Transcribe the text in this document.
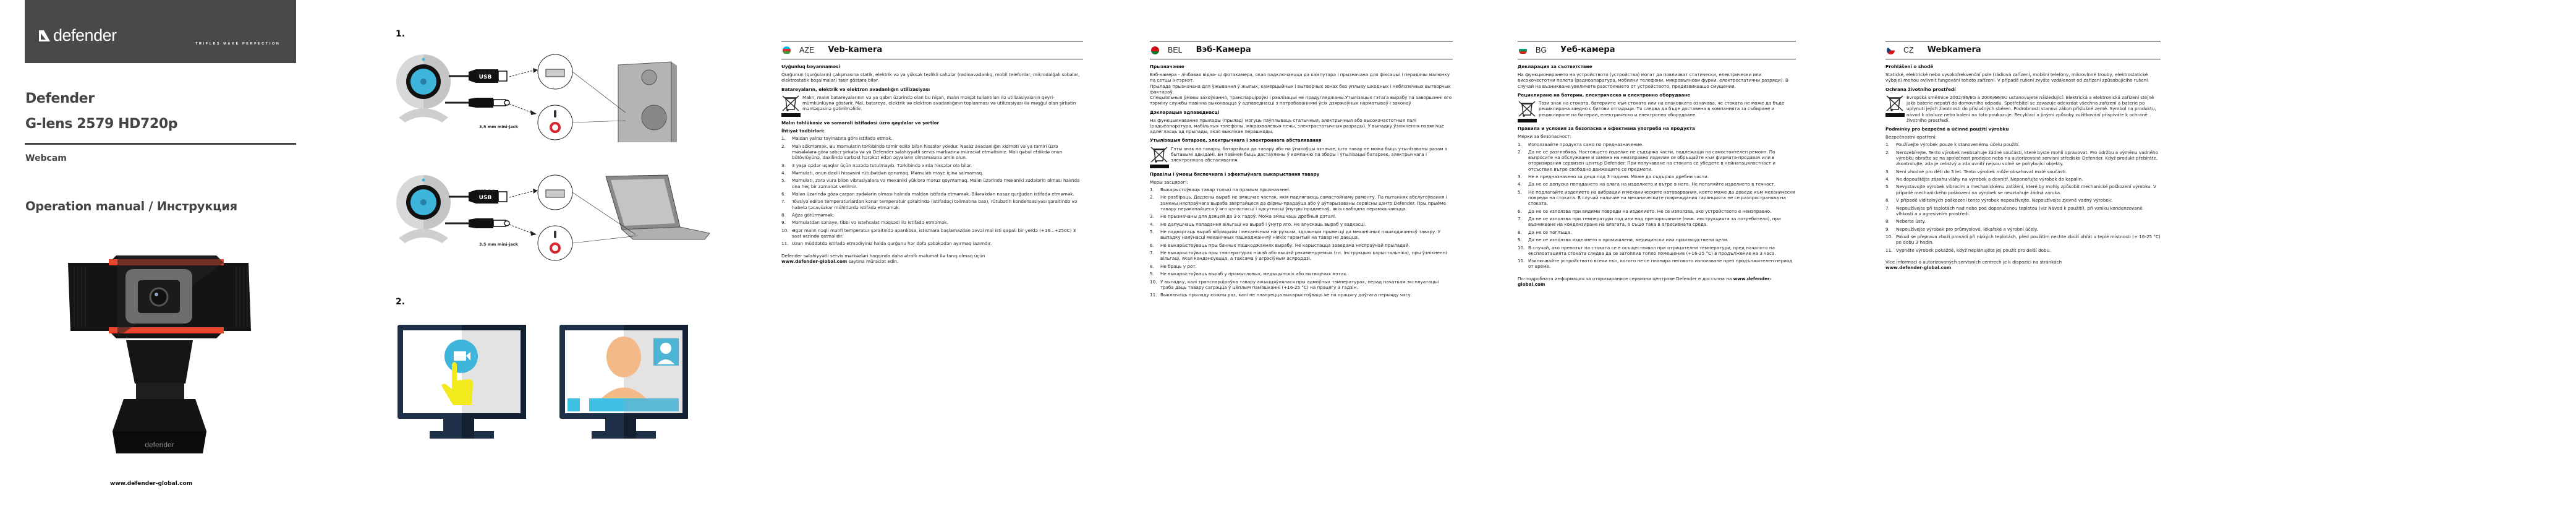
defender	TRIFLES MAKE PERFECTION
Defender
G-lens 2579 HD720p
Webcam
Operation manual / Инструкция
defender
www.defender-global.com
1.
USB
USB 2.0
3.5 mm mini-jack
USB
USB 2.0
3.5 mm mini-jack
2.
AZE Veb-kamera
Uyğunluq bəyannaməsi

Qurğunun (qurğuların) çalışmasına statik, elektrik və ya yüksək tezlikli sahələr (radioavadanlıq, mobil telefonlar, mikrodalğalı sobalar, elektrostatik boşalmalar) təsir göstərə bilər.

Batareyaların, elektrik və elektron avadanlığın utilizasiyası
Malın, malın batareyalarının və ya qabın üzərində olan bu nişan, malın məişət tullantıları ilə utilizasiyasının qeyri-mümkünlüynə göstərir. Mal, batareya, elektrik və elektron avadanlığının toplanması və utilizasiyası ilə məşğul olan şirkətin məntəqəsinə gətirilməlidir.
Malın təhlükəsiz və səmərəli istifadəsi üzrə qaydalar və şərtlər

İhtiyat tədbirləri:

1.	Maldan yalnız təyinatına görə istifadə etmək.
2.	Malı sökməmək. Bu məmulatın tərkibində təmir edilə bilən hissələr yoxdur. Nasaz avadanlığın xidməti və ya təmiri üzrə məsələlərə görə satıcı-şirkətə və ya Defender səlahiyyətli servis mərkəzinə müraciət etməlisiniz. Malı qəbul etdikdə onun bütövlüyünə, daxilində sərbəst hərəkət edən əşyaların olmamasına əmin olun.
3.	3 yaşa qədər uşaqlar üçün nəzədə tutulmayıb. Tərkibində xırda hissələr ola bilər.
4.	Məmulatı, onun daxili hissəsini rütubətdən qorumaq. Məmulatı maye içinə salmamaq.
5.	Məmulatı, zərə vura bilən vibrasiyalara və mexaniki yüklərə məruz qoymamaq. Malın üzərində mexaniki zədələrin olması halında ona heç bir zəmanət verilmir.
6.	Malən üzərində gözə çarpan zədələrin olması halında maldan istifadə etməmək. Bilərəkdən nasaz qurğudan istifadə etməmək.
7.	Tövsiyə edilən temperaturlardan kənar temperatuir şəraitində (istifadəçi təlimatına bax), rütubətin kondensasiyası şəraitində və habelə təcavüzkar mühitlərdə istifadə etməmək.
8.	Ağza götürməmək.
9.	Məmulatdan sənaye, tibbi və istehsalat məqsədi ilə istifadə etməmək.
10. Əgər malın nəqli mənfi temperatur şəraitində aparılıbsa, istismara başlamazdan əvvəl mal isti qapalı bir yerdə (+16...+250C) 3 saat ərzində qızmalıdır.
11. Uzun müddətdə istifadə etmədiyiniz halda qurğunu hər dəfə şəbəkədən ayırmaq lazımdır.

Defender səlahiyyətli servis mərkəzləri haqqında daha ətraflı məlumat ilə tanış olmaq üçün
www.defender-global.com saytına müraciət edin.

BEL Вэб-Камера
Прызначэнне

Вэб-камера - лічбавая відэа- ці фотакамера, якая падключаецца да кампутара і прызначана для фіксацыі і перадачы малюнку па сетцы Інтэрнэт.

Прылада прызначана для ўжывання ў жылых, камерцыйных і вытворчых зонах без уплыву шкодных і небяспечных вытворчых фактараў.

Спецыяльныя ўмовы захоўвання, транспарціроўкі і рэалізацыі не прадугледжаны.Утылізацыя гэтага вырабу па завяршэнні яго тэрміну службы павінна выконвацца ў адпаведнасці з патрабаваннямі ўсіх дзяржаўных нарматываў і законаў

Дэкларацыя адпаведнасці

На функцыянаванне прылады (прылад) могуць паўплываць статычныя, электрычныя або высокачастотныя палі (радыёапаратура, мабільныя тэлефоны, мікрахвалевыя печы, электрастатычныя разрады). У выпадку ўзнікнення павялічце адлегласць ад прылады, якая выклікае перашкоды.

Утылізацыя батарэек, электрычнага і электроннага абсталявання
Гэты знак на тавары, батарэйках да тавару або на ўпакоўцы азначае, што тавар не можа быць утылізаваны разам з бытавымі адкідамі. Ён павінен быць дастаўлены ў кампанію па зборы і ўтылізацыі батарэек, электрычнага і электроннага абсталявання.
Правілы і ўмовы бяспечнага і эфектыўнага выкарыстання тавару

Меры засцярогі:

1.	Выкарыстоўваць тавар толькі па прамым прызначэнні.
2.	Не разбіраць. Дадзены выраб не змяшчае частак, якія падлягаюць самастойнаму рамонту. Па пытаннях абслугоўвання і замены няспраўнага выраба звяртайцеся да фірмы-прадаўца або ў аўтарызаваны сервісны цэнтр Defender. Пры прыёме тавару пераканайцеся ў яго цэласнасці і адсутнасці ўнутры прадметаў, якія свабодна перамяшчаюцца.
3.	Не прызначаны для дзяцей да 3-х гадоў. Можа змяшчаць дробныя дэталі.
4.	Не дапушчаць пападання вільгаці на выраб і ўнутр яго. Не апускаць выраб у вадкасці.
5.	Не падвяргаць выраб вібрацыям і механічным нагрузкам, здольным прывесці да механічных пашкоджанняў тавару. У выпадку наяўнасці механічных пашкоджанняў ніякіх гарантый на тавар не даецца.
6.	Не выкарыстоўваць пры бачных пашкоджаннях вырабу. Не карыстацца заведама няспраўнай прыладай.
7.	Не выкарыстоўваць пры тэмпературах ніжэй або вышэй рэкамендуемых (гл. інструкцыю карыстальніка), пры ўзнікненні вільгаці, якая кандэнсуецца, а таксама ў агрэсіўным асяроддзі.
8.	Не браць у рот.
9.	Не выкарыстоўваць выраб у прамысловых, медыцынскіх або вытворчых мэтах.
10. У выпадку, калі транспарціроўка тавару ажыццяўлялася пры адмоўных тэмпературах, перад пачаткам эксплуатацыі трэба даць тавару сагрэцца ў цёплым памяшканні (+16-25 °C) на працягу 3 гадзін.
11. Выключаць прыладу кожны раз, калі не плануецца выкарыстоўваць яе на працягу доўгага перыяду часу.
BG Уеб-камера
Декларация за съответствие

На функционирането на устройството (устройства) могат да повлияват статически, електрически или високочестотни полета (радиоапаратура, мобилни телефони, микровълнови фурни, електростатични разряди). В случай на възникване увеличете разстоянието от устройството, предизвикващо смущения.

Рециклиране на батерии, електрическо и електронно оборудване
Този знак на стоката, батериите към стоката или на опаковката означава, че стоката не може да бъде рециклирана заедно с битови отпадъци. Тя следва да бъде доставена в компанията за събиране и рециклиране на батерии, електрическо и електронно оборудване.
Правила и условия за безопасна и ефективна употреба на продукта

Мерки за безопасност:

1.	Използвайте продукта само по предназначение.
2.	Да не се разглобява. Настоящето изделие не съдържа части, подлежащи на самостоятелен ремонт. По въпросите на обслужване и замяна на неизправно изделие се обръщайте към фирмата-продавач или в оторизирания сервизен център Defender. При получаване на стоката се убедете в нейнатацялостност и отсъствие вътре свободно движещите се предмети.
3.	Не е предназначено за деца под 3 години. Може да съдържа дребни части.
4.	Да не се допуска попадането на влага на изделието и вътре в него. Не потапяйте изделието в течност.
5.	Не подлагайте изделието на вибрации и механическите натоварвания, което може да доведе към механически повреди на стоката. В случай наличие на механическите повреждания гаранцията не се разпространява на стоката.
6.	Да не се използва при видими повреди на изделието. Не се използва, ако устройството е неизправно.
7.	Да не се използва при температури под или над препоръчаните (виж. инструкцията за потребителя), при възникване на кондензиране на влагата, а също така в агресивната среда.
8.	Да не се поглъща.
9.	Да не се използва изделието в промишлени, медицински или производствени цели.
10. В случай, ако превозът на стоката се е осъществявал при отрицателни температури, пред началото на експлоатацията стоката следва да се затоплив топло помещение (+16-25 °C) в продължение на 3 часа.
11. Изключвайте устройството всеки път, когото не се планира неговото използване през продължителен период от време.

По-подробната информация за оторизираните сервизни центрове Defender е достъпна на www.defender-global.com

CZ Webkamera
Prohlášení o shodě

Statické, elektrické nebo vysokofrekvenční pole (rádiová zařízení, mobilní telefony, mikrovlnné trouby, elektrostatické výboje) mohou ovlivnit fungování tohoto zařízení. V případě rušení zvyšte vzdálenost od zařízení způsobujícího rušení.

Ochrana životního prostředí
Evropská směmice 2002/96/EG a 2006/66/EU ustanovujete následující: Elektrická a elektronická zařízení stejně jako baterie nepatří do domovního odpadu. Spotřebitel se zavazuje odevzdat všechna zařízení a baterie po uplynutí jejich životnosti do příslušných sběren. Podrobnosti stanoví zákon příslušné země. Symbol na produktu, návod k obsluze nebo balení na toto poukazuje. Recyklací a jinými způsoby zužitkování přispíváte k ochraně životního prostředí.
Podmínky pro bezpečné a účinné použití výrobku

Bezpečnostní opatření:

1.	Používejte výrobek pouze k stanovenému účelu použití.
2.	Nerozebírejte. Tento výrobek neobsahuje žádné součásti, které byste mohli opravovat. Pro údržbu a výměnu vadného výrobku obraťte se na společnost prodejce nebo na autorizované servisní středisko Defender. Když produkt přebíráte, zkontrolujte, zda je celistvý a zda uvnitř nejsou volně se pohybující objekty.
3.	Není vhodné pro děti do 3 let. Tento výrobek může obsahovat malé součásti.
4.	Ne dopouštějte zásahu vláhy na výrobek a dovnitř. Neponořujte výrobek do kapalin.
5.	Nevystavujte výrobek vibracím a mechanickému zatížení, které by mohly způsobit mechanické poškození výrobku. V případě mechanického poškození na výrobek se nevztahuje žádná záruka.
6.	V případě viditelných poškození tento výrobek nepoužívejte. Nepoužívejte zjevně vadný výrobek.
7.	Nepoužívejte při teplotách nad nebo pod doporučenou teplotou (viz Návod k použití), při vzniku kondenzované vlhkosti a v agresivním prostředí.
8.	Neberte ústy.
9.	Nepoužívejte výrobek pro průmyslové, lékařské a výrobní účely.
10. Pokud se přeprava zboží provádí při nízkých teplotách, před použitím nechte zboží ohřát v teplé místnosti (+ 16-25 °C) po dobu 3 hodin.
11. Vypněte výrobek pokaždé, když neplánujete jej použít pro delší dobu.

Více informací o autorizovaných servisních centrech je k dispozici na stránkách
www.defender-global.com
